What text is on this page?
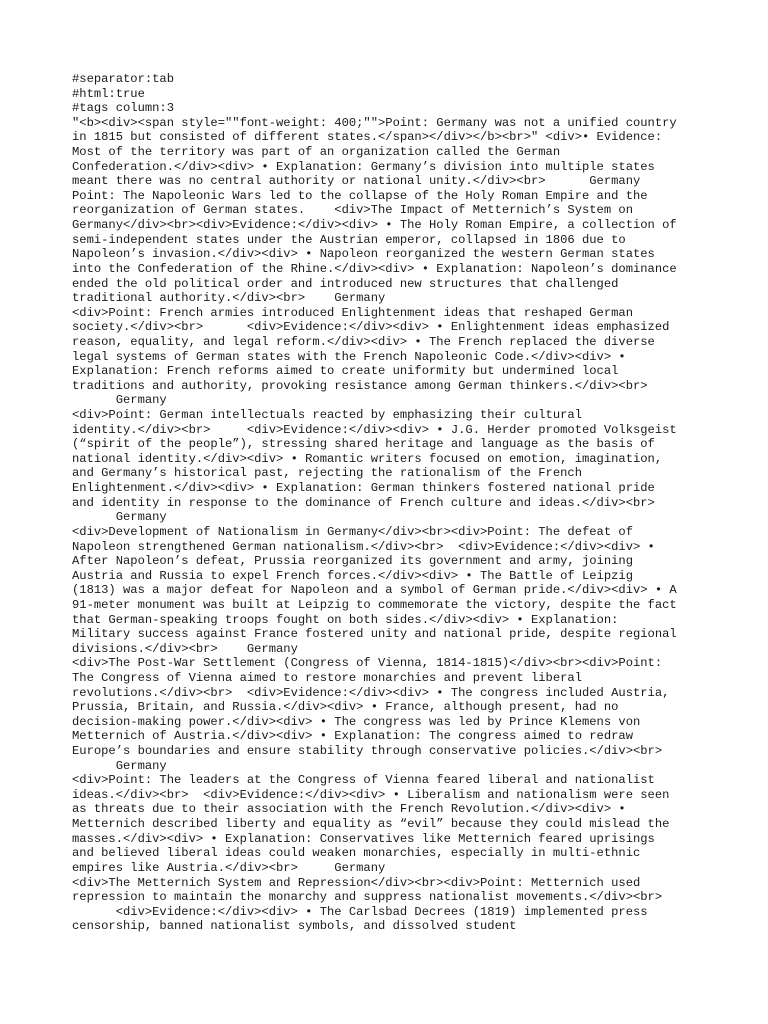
#separator:tab
#html:true
#tags column:3
"<b><div><span style=""font-weight: 400;"">Point: Germany was not a unified country
in 1815 but consisted of different states.</span></div></b><br>" <div>• Evidence:
Most of the territory was part of an organization called the German
Confederation.</div><div> • Explanation: Germany’s division into multiple states
meant there was no central authority or national unity.</div><br>      Germany
Point: The Napoleonic Wars led to the collapse of the Holy Roman Empire and the
reorganization of German states.    <div>The Impact of Metternich’s System on
Germany</div><br><div>Evidence:</div><div> • The Holy Roman Empire, a collection of
semi-independent states under the Austrian emperor, collapsed in 1806 due to
Napoleon’s invasion.</div><div> • Napoleon reorganized the western German states
into the Confederation of the Rhine.</div><div> • Explanation: Napoleon’s dominance
ended the old political order and introduced new structures that challenged
traditional authority.</div><br>    Germany
<div>Point: French armies introduced Enlightenment ideas that reshaped German
society.</div><br>      <div>Evidence:</div><div> • Enlightenment ideas emphasized
reason, equality, and legal reform.</div><div> • The French replaced the diverse
legal systems of German states with the French Napoleonic Code.</div><div> •
Explanation: French reforms aimed to create uniformity but undermined local
traditions and authority, provoking resistance among German thinkers.</div><br>
Germany
<div>Point: German intellectuals reacted by emphasizing their cultural
identity.</div><br>     <div>Evidence:</div><div> • J.G. Herder promoted Volksgeist
(“spirit of the people”), stressing shared heritage and language as the basis of
national identity.</div><div> • Romantic writers focused on emotion, imagination,
and Germany’s historical past, rejecting the rationalism of the French
Enlightenment.</div><div> • Explanation: German thinkers fostered national pride
and identity in response to the dominance of French culture and ideas.</div><br>
Germany
<div>Development of Nationalism in Germany</div><br><div>Point: The defeat of
Napoleon strengthened German nationalism.</div><br>  <div>Evidence:</div><div> •
After Napoleon’s defeat, Prussia reorganized its government and army, joining
Austria and Russia to expel French forces.</div><div> • The Battle of Leipzig
(1813) was a major defeat for Napoleon and a symbol of German pride.</div><div> • A
91-meter monument was built at Leipzig to commemorate the victory, despite the fact
that German-speaking troops fought on both sides.</div><div> • Explanation:
Military success against France fostered unity and national pride, despite regional
divisions.</div><br>    Germany
<div>The Post-War Settlement (Congress of Vienna, 1814-1815)</div><br><div>Point:
The Congress of Vienna aimed to restore monarchies and prevent liberal
revolutions.</div><br>  <div>Evidence:</div><div> • The congress included Austria,
Prussia, Britain, and Russia.</div><div> • France, although present, had no
decision-making power.</div><div> • The congress was led by Prince Klemens von
Metternich of Austria.</div><div> • Explanation: The congress aimed to redraw
Europe’s boundaries and ensure stability through conservative policies.</div><br>
Germany
<div>Point: The leaders at the Congress of Vienna feared liberal and nationalist
ideas.</div><br>  <div>Evidence:</div><div> • Liberalism and nationalism were seen
as threats due to their association with the French Revolution.</div><div> •
Metternich described liberty and equality as “evil” because they could mislead the
masses.</div><div> • Explanation: Conservatives like Metternich feared uprisings
and believed liberal ideas could weaken monarchies, especially in multi-ethnic
empires like Austria.</div><br>     Germany
<div>The Metternich System and Repression</div><br><div>Point: Metternich used
repression to maintain the monarchy and suppress nationalist movements.</div><br>
<div>Evidence:</div><div> • The Carlsbad Decrees (1819) implemented press
censorship, banned nationalist symbols, and dissolved student
